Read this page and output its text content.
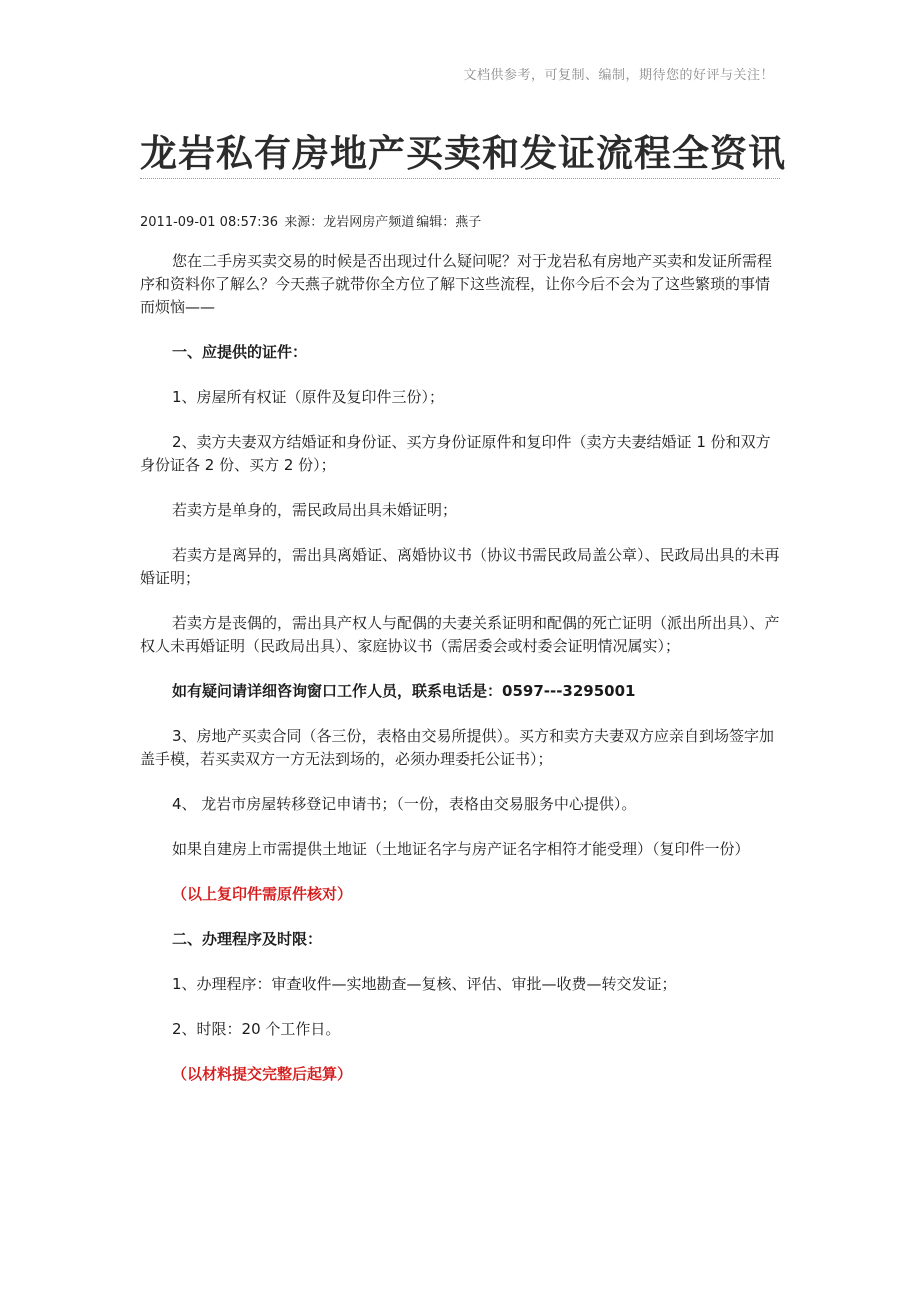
文档供参考，可复制、编制，期待您的好评与关注！
龙岩私有房地产买卖和发证流程全资讯
2011-09-01 08:57:36 来源：龙岩网房产频道 编辑：燕子

您在二手房买卖交易的时候是否出现过什么疑问呢？对于龙岩私有房地产买卖和发证所需程序和资料你了解么？今天燕子就带你全方位了解下这些流程，让你今后不会为了这些繁琐的事情而烦恼——

一、应提供的证件：

1、房屋所有权证（原件及复印件三份）；

2、卖方夫妻双方结婚证和身份证、买方身份证原件和复印件（卖方夫妻结婚证 1 份和双方身份证各 2 份、买方 2 份）；

若卖方是单身的，需民政局出具未婚证明；

若卖方是离异的，需出具离婚证、离婚协议书（协议书需民政局盖公章）、民政局出具的未再婚证明；

若卖方是丧偶的，需出具产权人与配偶的夫妻关系证明和配偶的死亡证明（派出所出具）、产权人未再婚证明（民政局出具）、家庭协议书（需居委会或村委会证明情况属实）；

如有疑问请详细咨询窗口工作人员，联系电话是：0597---3295001

3、房地产买卖合同（各三份，表格由交易所提供）。买方和卖方夫妻双方应亲自到场签字加盖手模，若买卖双方一方无法到场的，必须办理委托公证书）；

4、 龙岩市房屋转移登记申请书；（一份，表格由交易服务中心提供）。

如果自建房上市需提供土地证（土地证名字与房产证名字相符才能受理）（复印件一份）

（以上复印件需原件核对）

二、办理程序及时限：

1、办理程序：审查收件—实地勘查—复核、评估、审批—收费—转交发证；

2、时限：20 个工作日。

（以材料提交完整后起算）
